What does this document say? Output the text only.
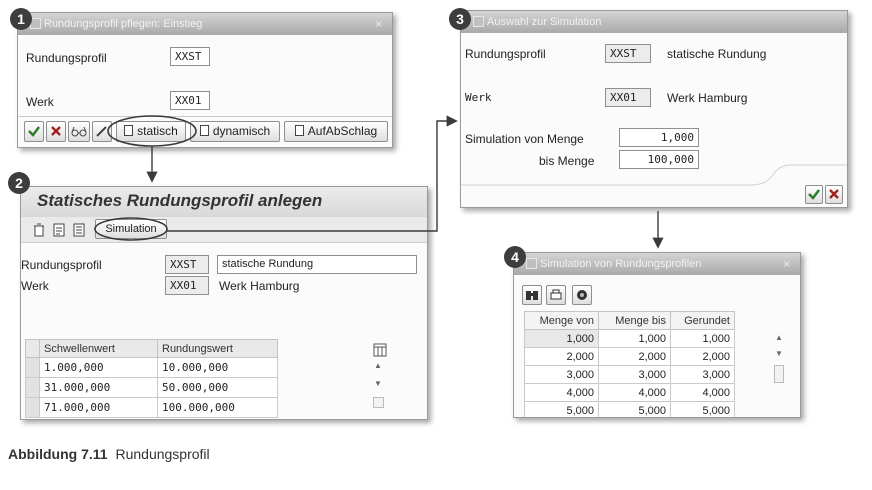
Rundungsprofil pflegen: Einstieg	×
Rundungsprofil	XXST
Werk	XX01
statisch	dynamisch	AufAbSchlag
Statisches Rundungsprofil anlegen
Simulation
Rundungsprofil	XXST	statische Rundung
Werk	XX01	Werk Hamburg
	Schwellenwert	Rundungswert
	1.000,000	10.000,000
	31.000,000	50.000,000
	71.000,000	100.000,000
▲
▼
Auswahl zur Simulation
Rundungsprofil	XXST	statische Rundung
Werk	XX01	Werk Hamburg
Simulation von Menge	1,000
bis Menge	100,000
Simulation von Rundungsprofilen	×
Menge von	Menge bis	Gerundet
1,000	1,000	1,000
2,000	2,000	2,000
3,000	3,000	3,000
4,000	4,000	4,000
5,000	5,000	5,000
▲
▼
1
2
3
4
Abbildung 7.11 Rundungsprofil
